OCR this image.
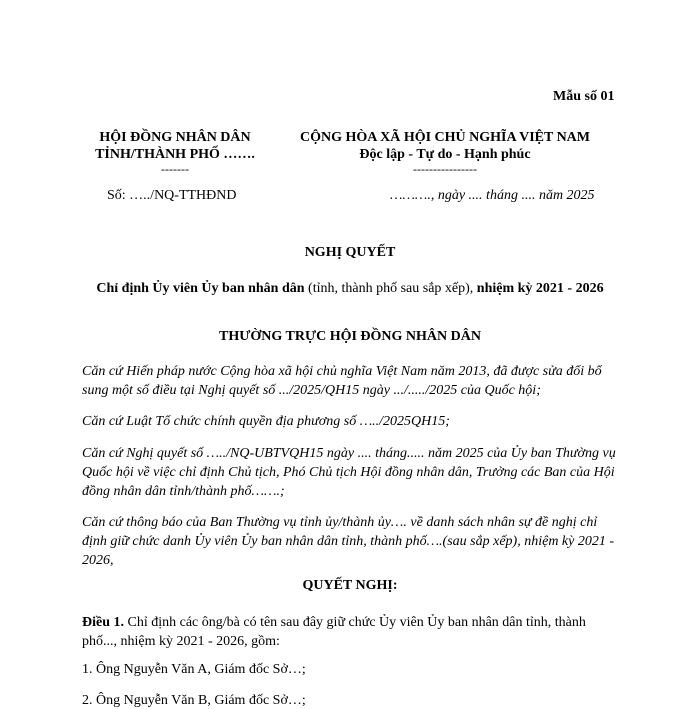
Mẫu số 01
HỘI ĐỒNG NHÂN DÂN
TỈNH/THÀNH PHỐ …….
-------
Số: …../NQ-TTHĐND
CỘNG HÒA XÃ HỘI CHỦ NGHĨA VIỆT NAM
Độc lập - Tự do - Hạnh phúc
----------------
………., ngày .... tháng .... năm 2025
NGHỊ QUYẾT
Chỉ định Ủy viên Ủy ban nhân dân (tỉnh, thành phố sau sắp xếp), nhiệm kỳ 2021 - 2026
THƯỜNG TRỰC HỘI ĐỒNG NHÂN DÂN
Căn cứ Hiến pháp nước Cộng hòa xã hội chủ nghĩa Việt Nam năm 2013, đã được sửa đổi bổ sung một số điều tại Nghị quyết số .../2025/QH15 ngày .../...../2025 của Quốc hội;
Căn cứ Luật Tổ chức chính quyền địa phương số …../2025QH15;
Căn cứ Nghị quyết số …../NQ-UBTVQH15 ngày .... tháng..... năm 2025 của Ủy ban Thường vụ Quốc hội về việc chỉ định Chủ tịch, Phó Chủ tịch Hội đồng nhân dân, Trưởng các Ban của Hội đồng nhân dân tỉnh/thành phố…….;
Căn cứ thông báo của Ban Thường vụ tỉnh ủy/thành ủy…. về danh sách nhân sự đề nghị chỉ định giữ chức danh Ủy viên Ủy ban nhân dân tỉnh, thành phố….(sau sắp xếp), nhiệm kỳ 2021 - 2026,
QUYẾT NGHỊ:
Điều 1. Chỉ định các ông/bà có tên sau đây giữ chức Ủy viên Ủy ban nhân dân tỉnh, thành phố..., nhiệm kỳ 2021 - 2026, gồm:
1. Ông Nguyễn Văn A, Giám đốc Sở…;
2. Ông Nguyễn Văn B, Giám đốc Sở…;
